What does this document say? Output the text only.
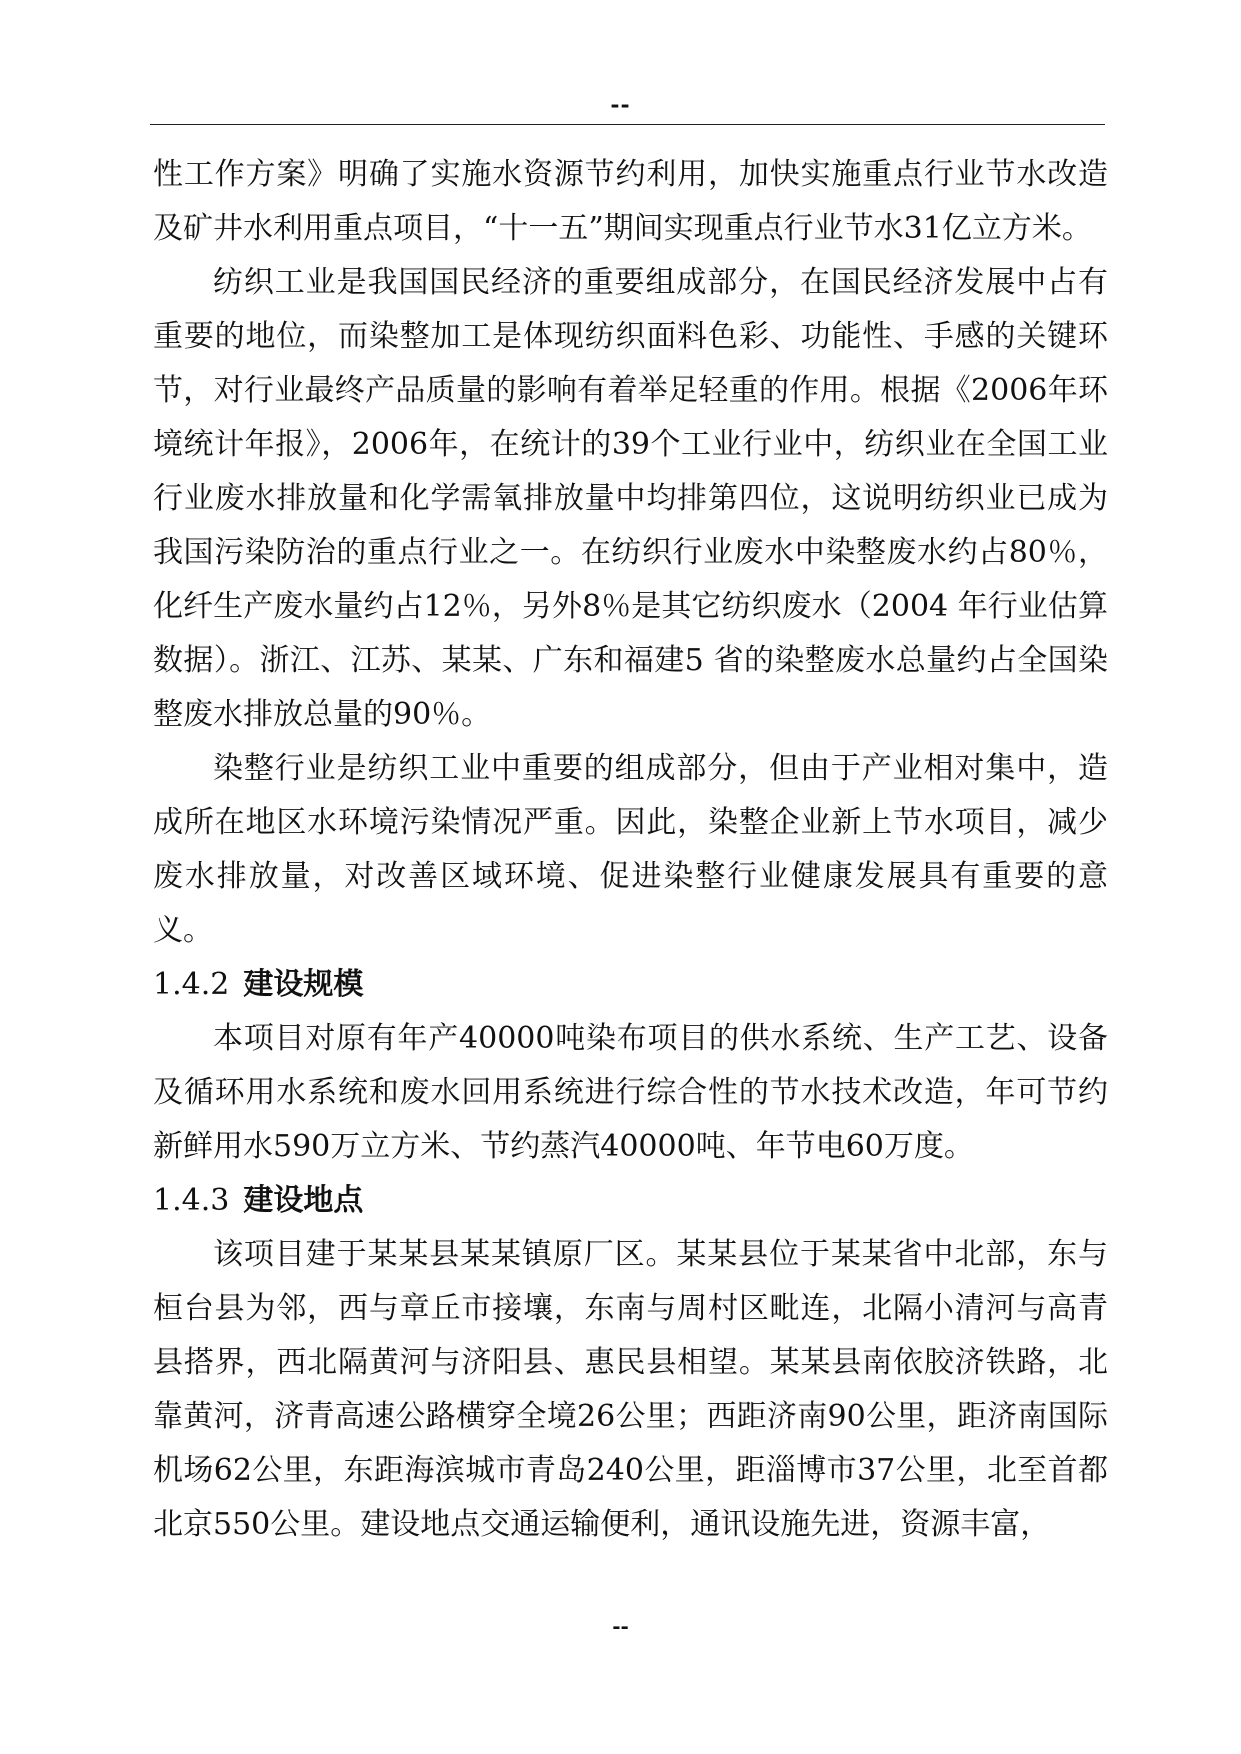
--

性工作方案》明确了实施水资源节约利用，加快实施重点行业节水改造及矿井水利用重点项目，“十一五”期间实现重点行业节水31亿立方米。

纺织工业是我国国民经济的重要组成部分，在国民经济发展中占有重要的地位，而染整加工是体现纺织面料色彩、功能性、手感的关键环节，对行业最终产品质量的影响有着举足轻重的作用。根据《2006年环境统计年报》，2006年，在统计的39个工业行业中，纺织业在全国工业行业废水排放量和化学需氧排放量中均排第四位，这说明纺织业已成为我国污染防治的重点行业之一。在纺织行业废水中染整废水约占80％，化纤生产废水量约占12％，另外8％是其它纺织废水（2004 年行业估算数据）。浙江、江苏、某某、广东和福建5 省的染整废水总量约占全国染整废水排放总量的90％。

染整行业是纺织工业中重要的组成部分，但由于产业相对集中，造成所在地区水环境污染情况严重。因此，染整企业新上节水项目，减少废水排放量，对改善区域环境、促进染整行业健康发展具有重要的意义。

1.4.2 建设规模

本项目对原有年产40000吨染布项目的供水系统、生产工艺、设备及循环用水系统和废水回用系统进行综合性的节水技术改造，年可节约新鲜用水590万立方米、节约蒸汽40000吨、年节电60万度。

1.4.3 建设地点

该项目建于某某县某某镇原厂区。某某县位于某某省中北部，东与桓台县为邻，西与章丘市接壤，东南与周村区毗连，北隔小清河与高青县搭界，西北隔黄河与济阳县、惠民县相望。某某县南依胶济铁路，北靠黄河，济青高速公路横穿全境26公里；西距济南90公里，距济南国际机场62公里，东距海滨城市青岛240公里，距淄博市37公里，北至首都北京550公里。建设地点交通运输便利，通讯设施先进，资源丰富，

--
